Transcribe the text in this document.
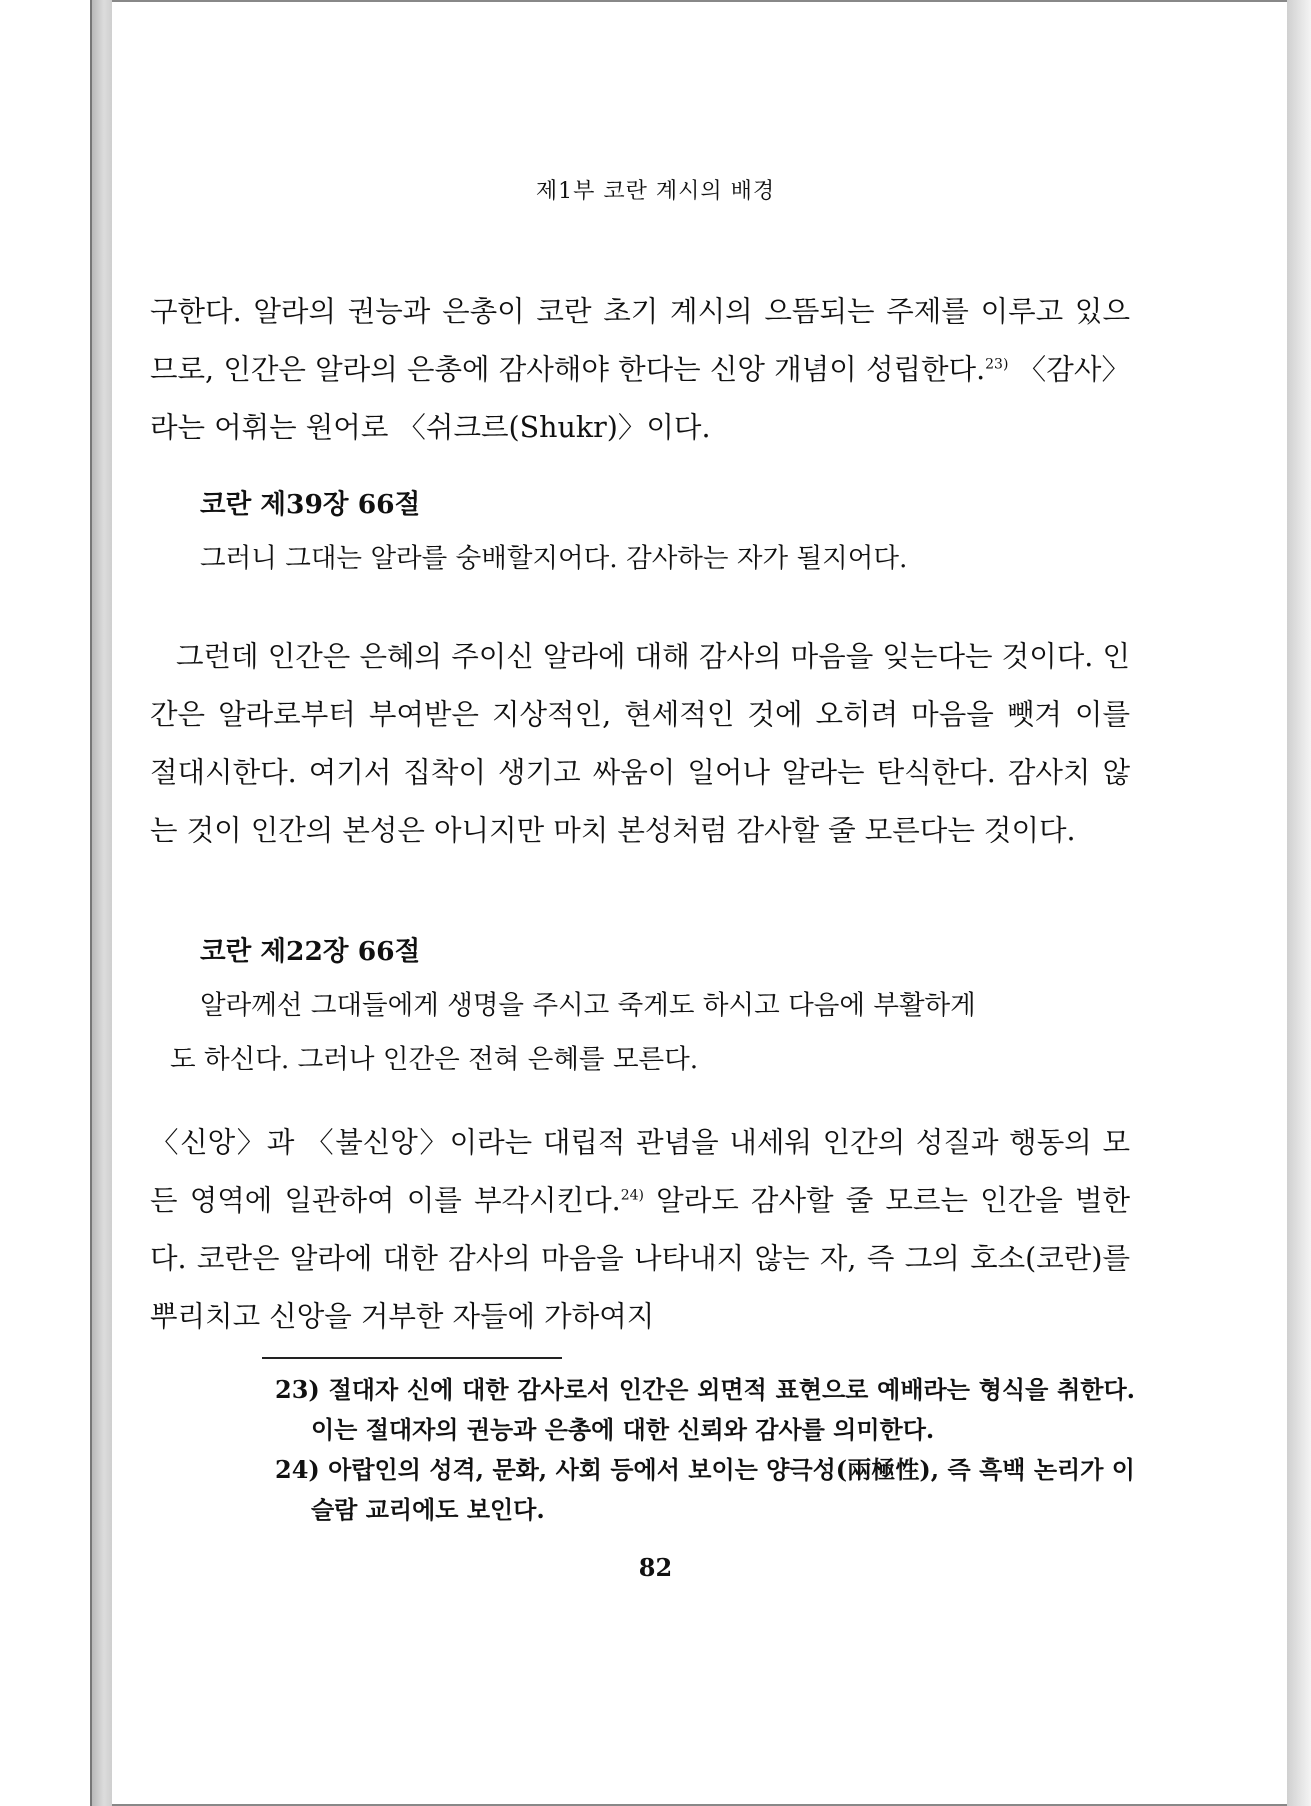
제1부 코란 계시의 배경

구한다. 알라의 권능과 은총이 코란 초기 계시의 으뜸되는 주제를 이루고 있으므로, 인간은 알라의 은총에 감사해야 한다는 신앙 개념이 성립한다.$^{23)}$ 〈감사〉라는 어휘는 원어로 〈쉬크르(Shukr)〉이다.

코란 제39장 66절
그러니 그대는 알라를 숭배할지어다. 감사하는 자가 될지어다.

그런데 인간은 은혜의 주이신 알라에 대해 감사의 마음을 잊는다는 것이다. 인간은 알라로부터 부여받은 지상적인, 현세적인 것에 오히려 마음을 뺏겨 이를 절대시한다. 여기서 집착이 생기고 싸움이 일어나 알라는 탄식한다. 감사치 않는 것이 인간의 본성은 아니지만 마치 본성처럼 감사할 줄 모른다는 것이다.

코란 제22장 66절
알라께선 그대들에게 생명을 주시고 죽게도 하시고 다음에 부활하게
도 하신다. 그러나 인간은 전혀 은혜를 모른다.

〈신앙〉과 〈불신앙〉이라는 대립적 관념을 내세워 인간의 성질과 행동의 모든 영역에 일관하여 이를 부각시킨다.$^{24)}$ 알라도 감사할 줄 모르는 인간을 벌한다. 코란은 알라에 대한 감사의 마음을 나타내지 않는 자, 즉 그의 호소(코란)를 뿌리치고 신앙을 거부한 자들에 가하여지

23) 절대자 신에 대한 감사로서 인간은 외면적 표현으로 예배라는 형식을 취한다. 이는 절대자의 권능과 은총에 대한 신뢰와 감사를 의미한다.
24) 아랍인의 성격, 문화, 사회 등에서 보이는 양극성(兩極性), 즉 흑백 논리가 이슬람 교리에도 보인다.
82
